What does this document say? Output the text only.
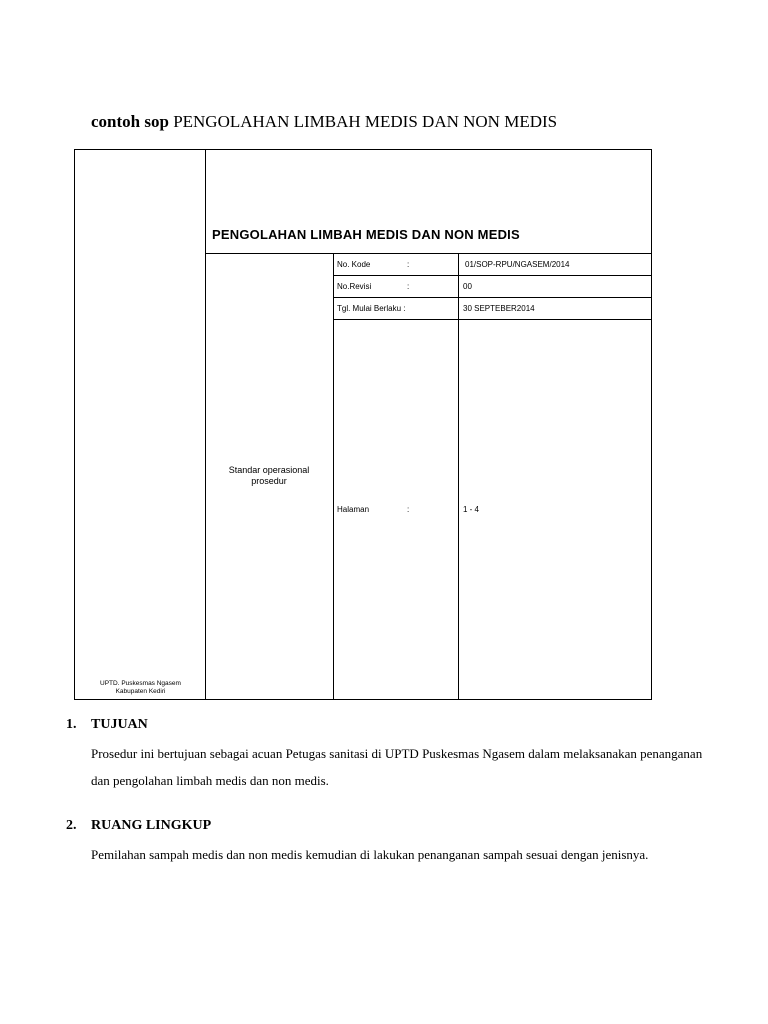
contoh sop PENGOLAHAN LIMBAH MEDIS DAN NON MEDIS
PENGOLAHAN LIMBAH MEDIS DAN NON MEDIS
No. Kode	:	01/SOP-RPU/NGASEM/2014
No.Revisi	:	00
Tgl. Mulai Berlaku :	30 SEPTEBER2014
Halaman	:	1 - 4
Standar operasional
prosedur
UPTD. Puskesmas Ngasem
Kabupaten Kediri
1.	TUJUAN
Prosedur ini bertujuan sebagai acuan Petugas sanitasi di UPTD Puskesmas Ngasem dalam melaksanakan penanganan dan pengolahan limbah medis dan non medis.
2.	RUANG LINGKUP
Pemilahan sampah medis dan non medis kemudian di lakukan penanganan sampah sesuai dengan jenisnya.
